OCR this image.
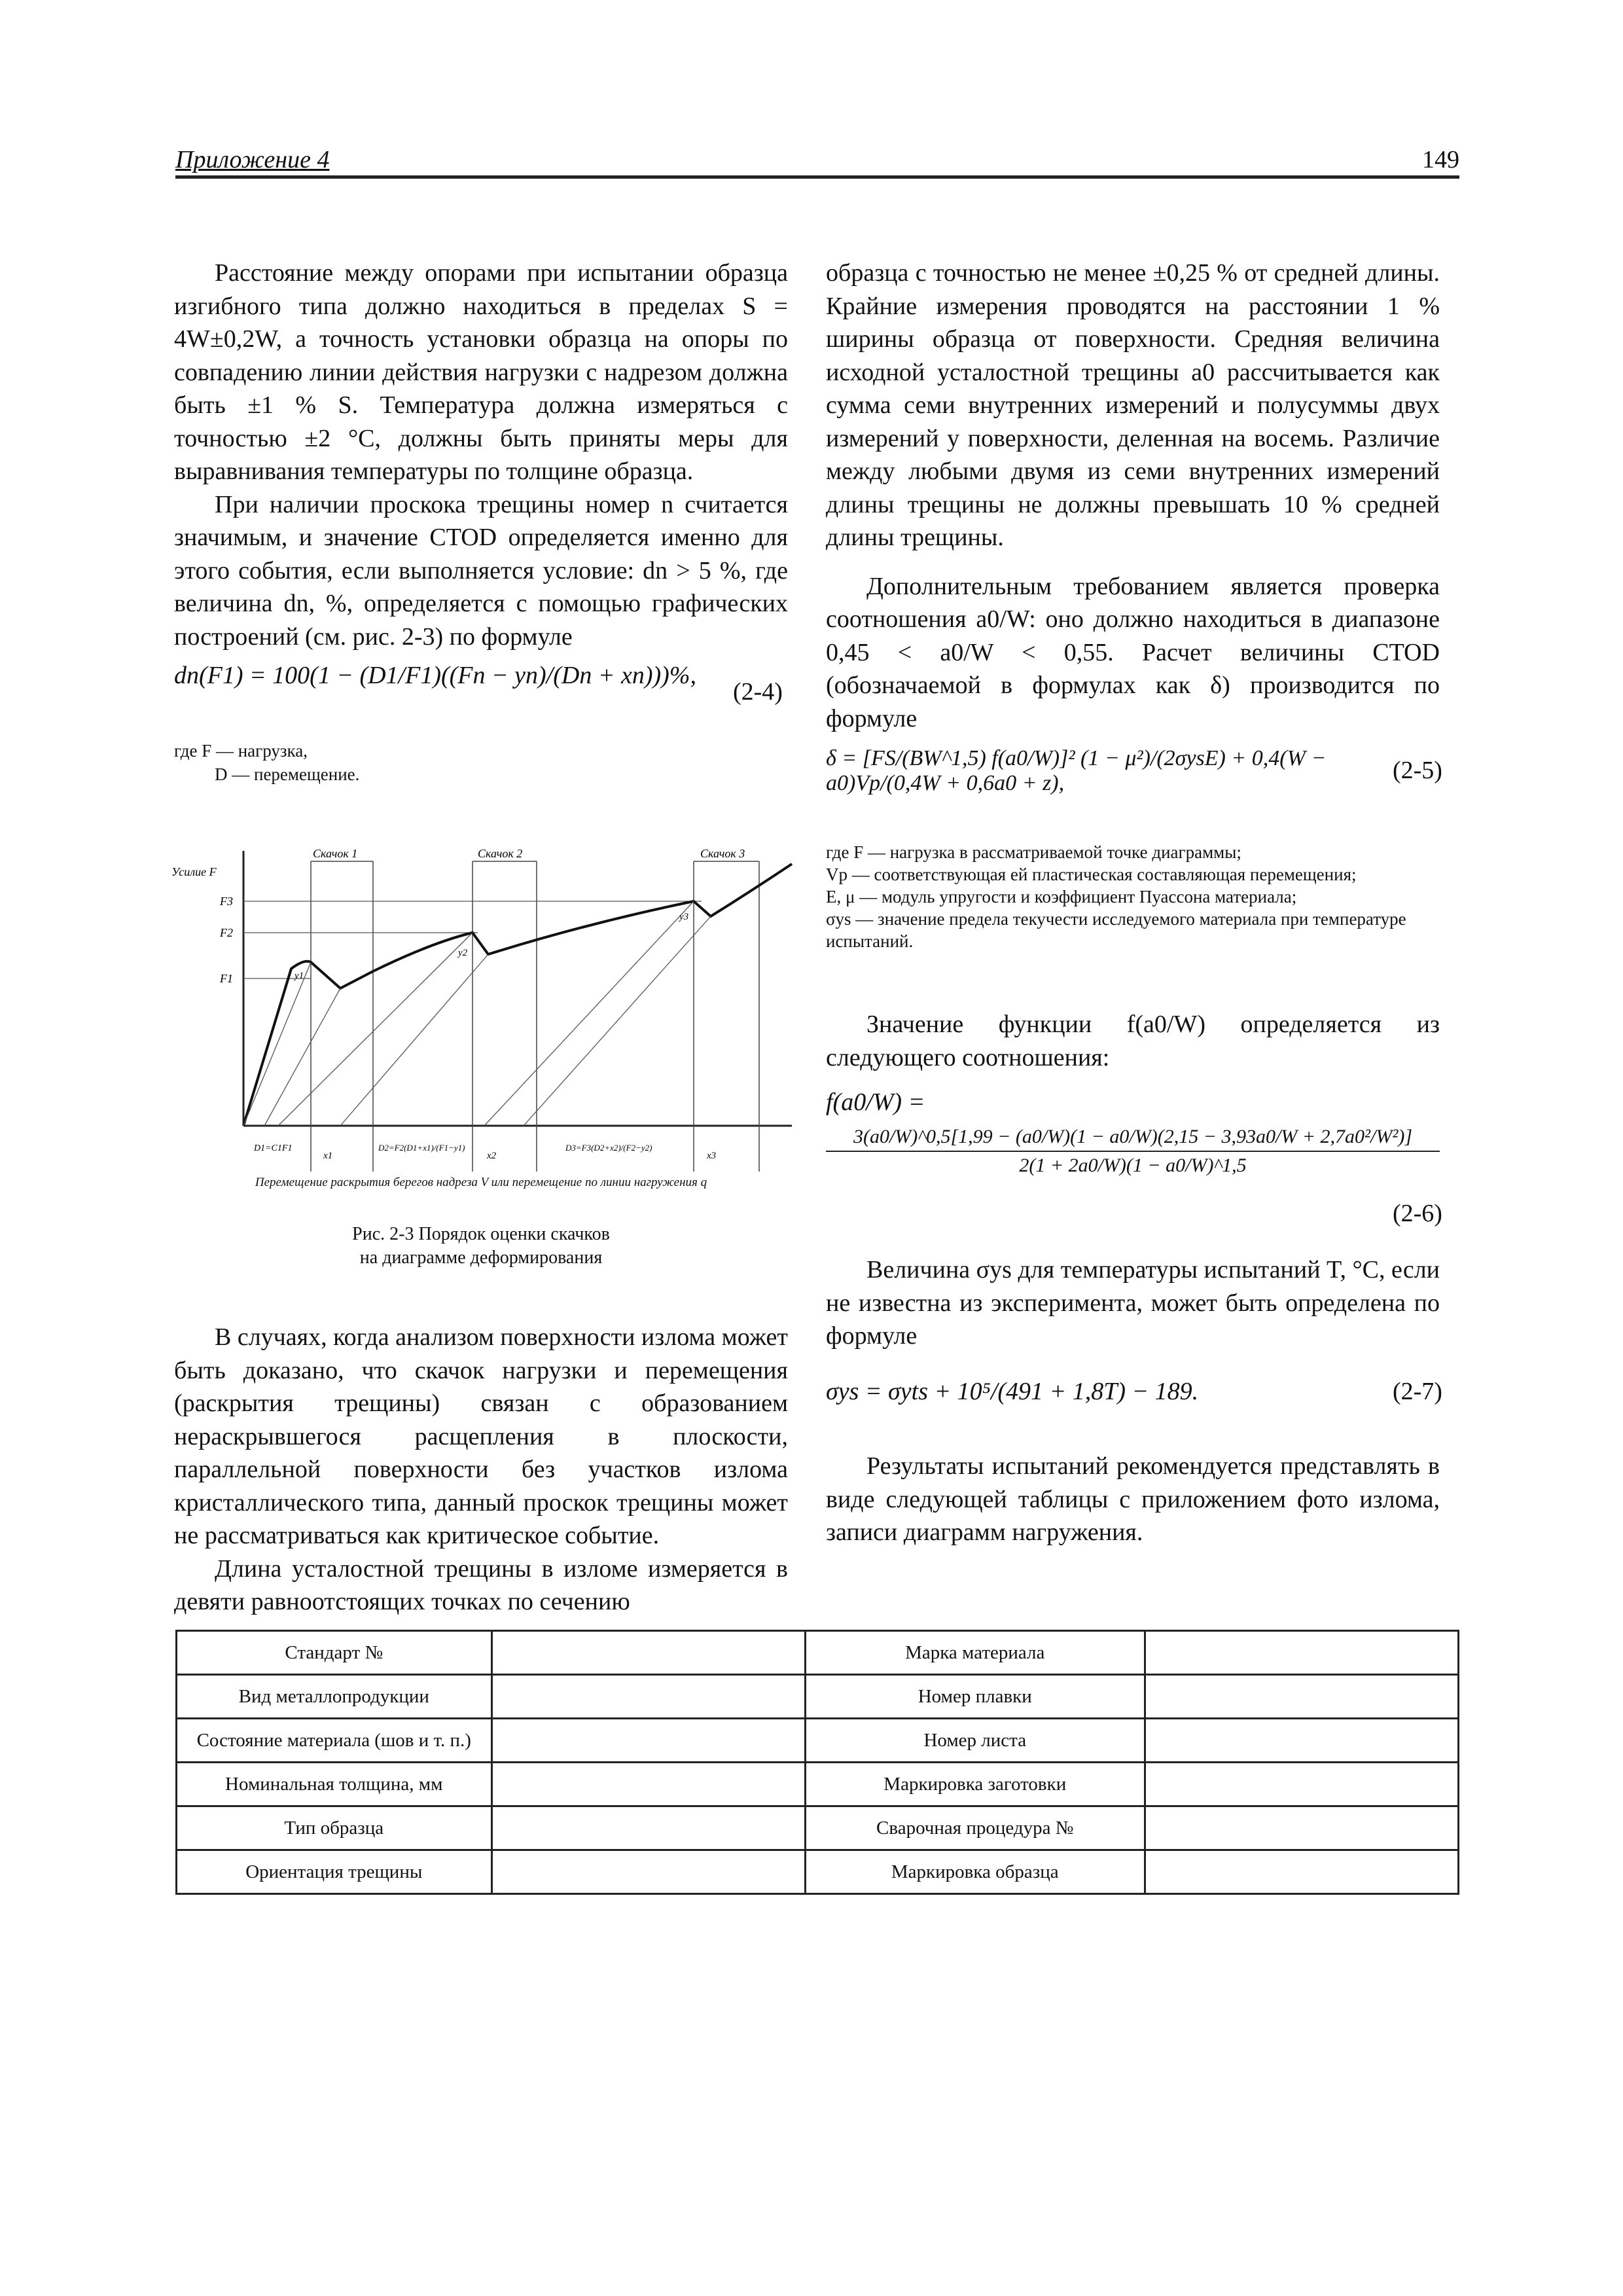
Приложение 4	149

Расстояние между опорами при испытании образца изгибного типа должно находиться в пределах S = 4W±0,2W, а точность установки образца на опоры по совпадению линии действия нагрузки с надрезом должна быть ±1 % S. Температура должна измеряться с точностью ±2 °С, должны быть приняты меры для выравнивания температуры по толщине образца.

При наличии проскока трещины номер n считается значимым, и значение CTOD определяется именно для этого события, если выполняется условие: dn > 5 %, где величина dn, %, определяется с помощью графических построений (см. рис. 2-3) по формуле

dn(F1) = 100(1 − (D1/F1)((Fn − yn)/(Dn + xn)))%,
(2-4)
где F — нагрузка,
D — перемещение.
Усилие F
Скачок 1	Скачок 2	Скачок 3
F3
F2
F1	y1
y2
y3
x1	x2	x3
D1=C1F1	D2=F2(D1+x1)/(F1−y1)	D3=F3(D2+x2)/(F2−y2)
Перемещение раскрытия берегов надреза V или перемещение по линии нагружения q
Рис. 2-3 Порядок оценки скачков
на диаграмме деформирования

В случаях, когда анализом поверхности излома может быть доказано, что скачок нагрузки и перемещения (раскрытия трещины) связан с образованием нераскрывшегося расщепления в плоскости, параллельной поверхности без участков излома кристаллического типа, данный проскок трещины может не рассматриваться как критическое событие.

Длина усталостной трещины в изломе измеряется в девяти равноотстоящих точках по сечению

образца с точностью не менее ±0,25 % от средней длины. Крайние измерения проводятся на расстоянии 1 % ширины образца от поверхности. Средняя величина исходной усталостной трещины a0 рассчитывается как сумма семи внутренних измерений и полусуммы двух измерений у поверхности, деленная на восемь. Различие между любыми двумя из семи внутренних измерений длины трещины не должны превышать 10 % средней длины трещины.

Дополнительным требованием является проверка соотношения a0/W: оно должно находиться в диапазоне 0,45 < a0/W < 0,55. Расчет величины CTOD (обозначаемой в формулах как δ) производится по формуле

δ = [FS/(BW^1,5) f(a0/W)]² (1 − μ²)/(2σysE) + 0,4(W − a0)Vp/(0,4W + 0,6a0 + z),	(2-5)
где F — нагрузка в рассматриваемой точке диаграммы;
Vp — соответствующая ей пластическая составляющая перемещения;
E, μ — модуль упругости и коэффициент Пуассона материала;
σys — значение предела текучести исследуемого материала при температуре испытаний.

Значение функции f(a0/W) определяется из следующего соотношения:

f(a0/W) =
3(a0/W)^0,5[1,99 − (a0/W)(1 − a0/W)(2,15 − 3,93a0/W + 2,7a0²/W²)]
2(1 + 2a0/W)(1 − a0/W)^1,5
(2-6)

Величина σys для температуры испытаний T, °С, если не известна из эксперимента, может быть определена по формуле

σys = σyts + 10⁵/(491 + 1,8T) − 189.	(2-7)

Результаты испытаний рекомендуется представлять в виде следующей таблицы с приложением фото излома, записи диаграмм нагружения.

Стандарт №		Марка материала	
Вид металлопродукции		Номер плавки	
Состояние материала (шов и т. п.)		Номер листа	
Номинальная толщина, мм		Маркировка заготовки	
Тип образца		Сварочная процедура №	
Ориентация трещины		Маркировка образца	
